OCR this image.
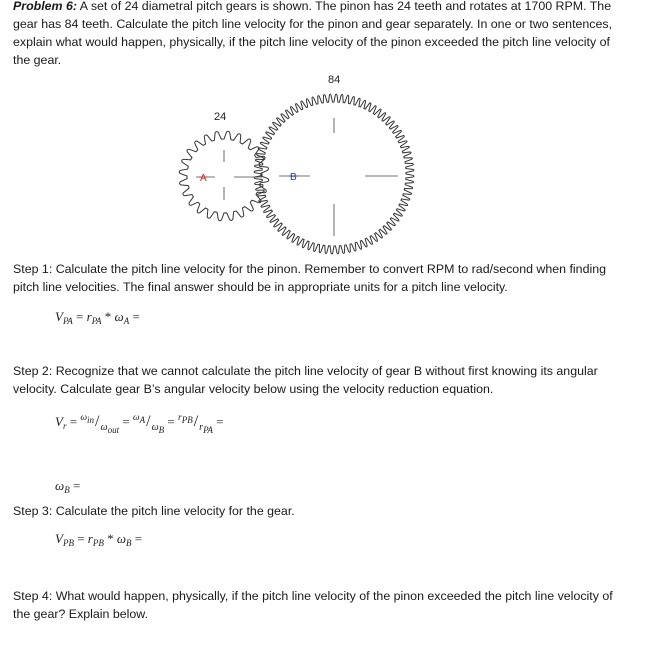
Problem 6: A set of 24 diametral pitch gears is shown. The pinon has 24 teeth and rotates at 1700 RPM. The gear has 84 teeth. Calculate the pitch line velocity for the pinon and gear separately. In one or two sentences, explain what would happen, physically, if the pitch line velocity of the pinon exceeded the pitch line velocity of the gear.

A
24
B
84

Step 1: Calculate the pitch line velocity for the pinon. Remember to convert RPM to rad/second when finding pitch line velocities. The final answer should be in appropriate units for a pitch line velocity.

$V_{PA} = r_{PA} * \omega_A$ =

Step 2: Recognize that we cannot calculate the pitch line velocity of gear B without first knowing its angular velocity. Calculate gear B’s angular velocity below using the velocity reduction equation.

$V_r = ^{\omega_{in}}/_{\omega_{out}} = ^{\omega_A}/_{\omega_B} = ^{r_{PB}}/_{r_{PA}}$ =
$\omega_B$ =

Step 3: Calculate the pitch line velocity for the gear.

$V_{PB} = r_{PB} * \omega_B$ =

Step 4: What would happen, physically, if the pitch line velocity of the pinon exceeded the pitch line velocity of the gear? Explain below.
